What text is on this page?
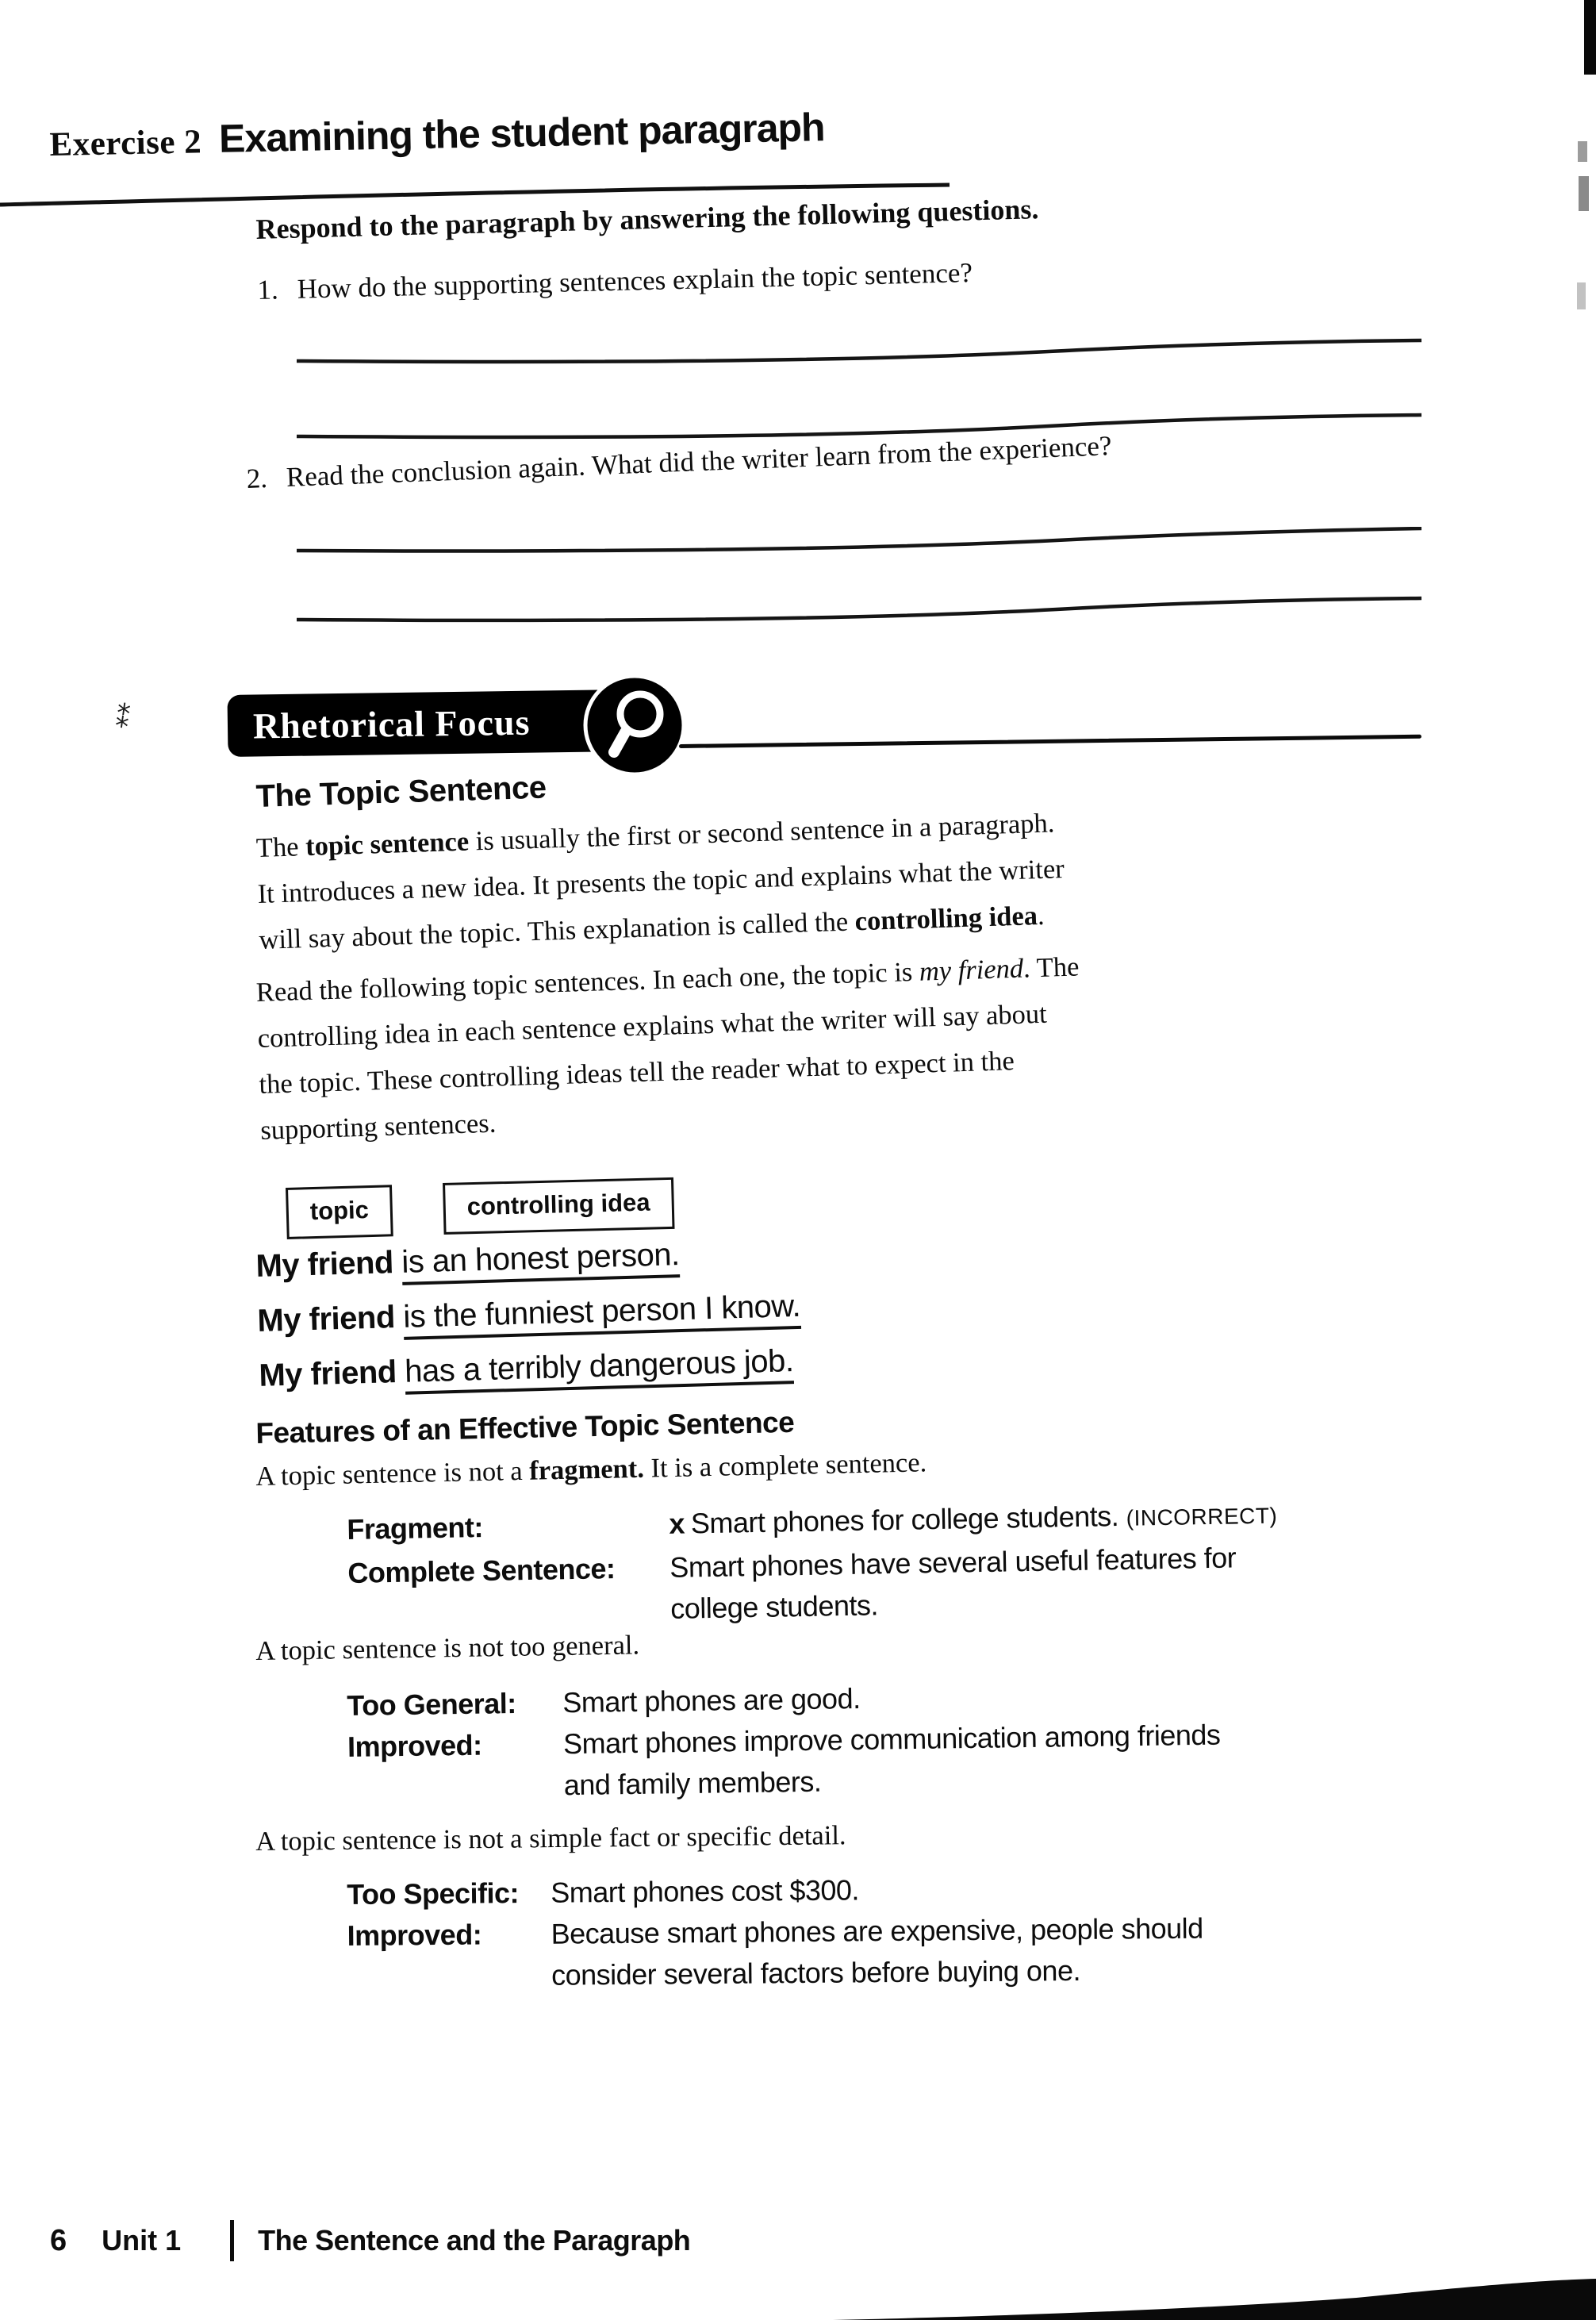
Exercise 2 Examining the student paragraph
Respond to the paragraph by answering the following questions.
1. How do the supporting sentences explain the topic sentence?
2. Read the conclusion again. What did the writer learn from the experience?
⁑	Rhetorical Focus
The Topic Sentence
The topic sentence is usually the first or second sentence in a paragraph.
It introduces a new idea. It presents the topic and explains what the writer
will say about the topic. This explanation is called the controlling idea.
Read the following topic sentences. In each one, the topic is my friend. The
controlling idea in each sentence explains what the writer will say about
the topic. These controlling ideas tell the reader what to expect in the
supporting sentences.
topic	controlling idea
My friend is an honest person.
My friend is the funniest person I know.
My friend has a terribly dangerous job.
Features of an Effective Topic Sentence
A topic sentence is not a fragment. It is a complete sentence.
Fragment:	x Smart phones for college students. (INCORRECT)
Complete Sentence:	Smart phones have several useful features for
college students.
A topic sentence is not too general.
Too General:	Smart phones are good.
Improved:	Smart phones improve communication among friends
and family members.
A topic sentence is not a simple fact or specific detail.
Too Specific:	Smart phones cost $300.
Improved:	Because smart phones are expensive, people should
consider several factors before buying one.
6 Unit 1	The Sentence and the Paragraph
